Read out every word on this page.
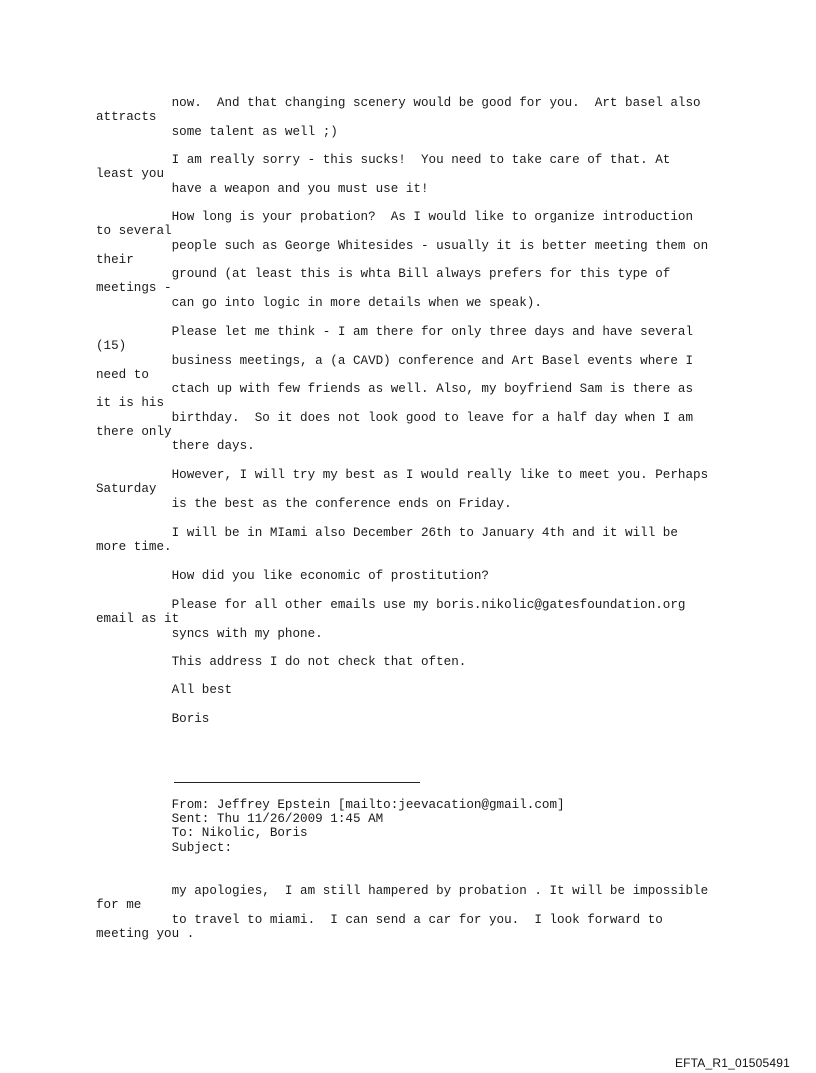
now.  And that changing scenery would be good for you.  Art basel also
attracts
some talent as well ;)
I am really sorry - this sucks!  You need to take care of that. At
least you
have a weapon and you must use it!
How long is your probation?  As I would like to organize introduction
to several
people such as George Whitesides - usually it is better meeting them on
their
ground (at least this is whta Bill always prefers for this type of
meetings -
can go into logic in more details when we speak).
Please let me think - I am there for only three days and have several
(15)
business meetings, a (a CAVD) conference and Art Basel events where I
need to
ctach up with few friends as well. Also, my boyfriend Sam is there as
it is his
birthday.  So it does not look good to leave for a half day when I am
there only
there days.
However, I will try my best as I would really like to meet you. Perhaps
Saturday
is the best as the conference ends on Friday.
I will be in MIami also December 26th to January 4th and it will be
more time.
How did you like economic of prostitution?
Please for all other emails use my boris.nikolic@gatesfoundation.org
email as it
syncs with my phone.
This address I do not check that often.
All best
Boris
From: Jeffrey Epstein [mailto:jeevacation@gmail.com]
Sent: Thu 11/26/2009 1:45 AM
To: Nikolic, Boris
Subject:
my apologies,  I am still hampered by probation . It will be impossible
for me
to travel to miami.  I can send a car for you.  I look forward to
meeting you .
EFTA_R1_01505491
